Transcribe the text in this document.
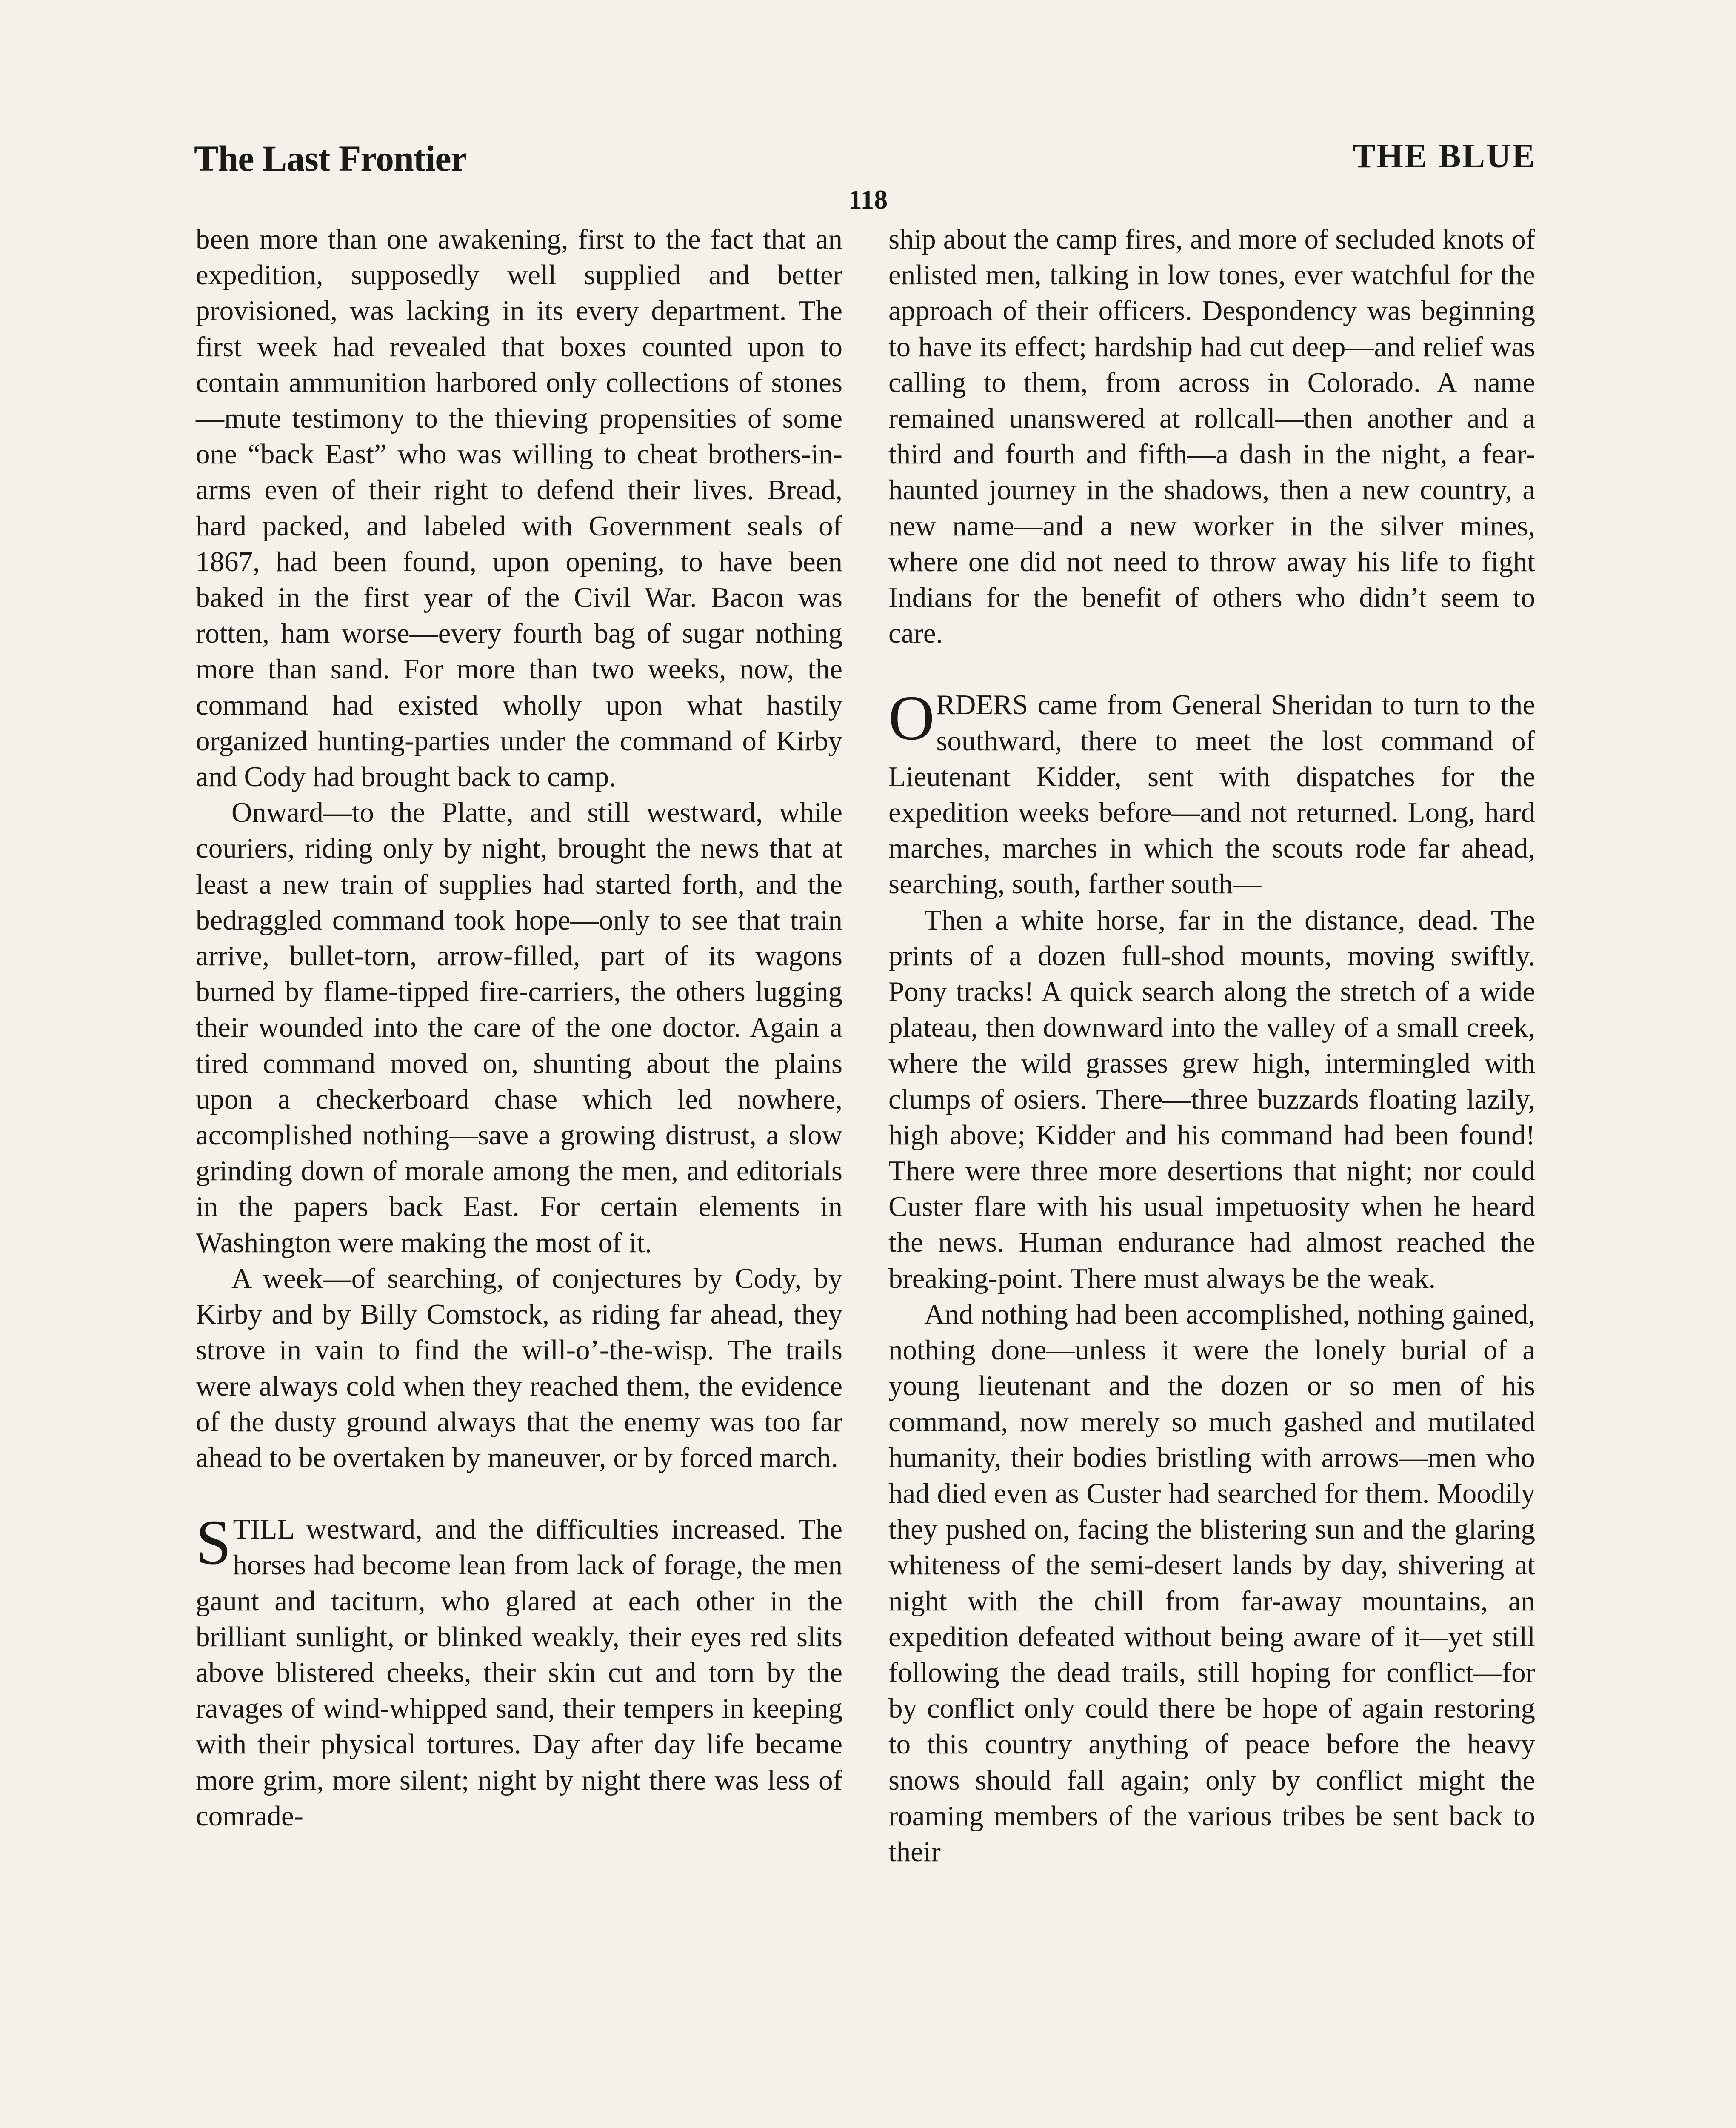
The Last Frontier	THE BLUE
118

been more than one awakening, first to the fact that an expedition, supposedly well supplied and better provisioned, was lacking in its every department. The first week had revealed that boxes counted upon to contain ammunition harbored only collections of stones—mute testimony to the thieving propensities of some one “back East” who was willing to cheat brothers-in-arms even of their right to defend their lives. Bread, hard packed, and labeled with Government seals of 1867, had been found, upon opening, to have been baked in the first year of the Civil War. Bacon was rotten, ham worse—every fourth bag of sugar nothing more than sand. For more than two weeks, now, the command had existed wholly upon what hastily organized hunting-parties under the command of Kirby and Cody had brought back to camp.

Onward—to the Platte, and still westward, while couriers, riding only by night, brought the news that at least a new train of supplies had started forth, and the bedraggled command took hope—only to see that train arrive, bullet-torn, arrow-filled, part of its wagons burned by flame-tipped fire-carriers, the others lugging their wounded into the care of the one doctor. Again a tired command moved on, shunting about the plains upon a checkerboard chase which led nowhere, accomplished nothing—save a growing distrust, a slow grinding down of morale among the men, and editorials in the papers back East. For certain elements in Washington were making the most of it.

A week—of searching, of conjectures by Cody, by Kirby and by Billy Comstock, as riding far ahead, they strove in vain to find the will-o’-the-wisp. The trails were always cold when they reached them, the evidence of the dusty ground always that the enemy was too far ahead to be overtaken by maneuver, or by forced march.

STILL westward, and the difficulties increased. The horses had become lean from lack of forage, the men gaunt and taciturn, who glared at each other in the brilliant sunlight, or blinked weakly, their eyes red slits above blistered cheeks, their skin cut and torn by the ravages of wind-whipped sand, their tempers in keeping with their physical tortures. Day after day life became more grim, more silent; night by night there was less of comrade-

ship about the camp fires, and more of secluded knots of enlisted men, talking in low tones, ever watchful for the approach of their officers. Despondency was beginning to have its effect; hardship had cut deep—and relief was calling to them, from across in Colorado. A name remained unanswered at rollcall—then another and a third and fourth and fifth—a dash in the night, a fear-haunted journey in the shadows, then a new country, a new name—and a new worker in the silver mines, where one did not need to throw away his life to fight Indians for the benefit of others who didn’t seem to care.

ORDERS came from General Sheridan to turn to the southward, there to meet the lost command of Lieutenant Kidder, sent with dispatches for the expedition weeks before—and not returned. Long, hard marches, marches in which the scouts rode far ahead, searching, south, farther south—

Then a white horse, far in the distance, dead. The prints of a dozen full-shod mounts, moving swiftly. Pony tracks! A quick search along the stretch of a wide plateau, then downward into the valley of a small creek, where the wild grasses grew high, intermingled with clumps of osiers. There—three buzzards floating lazily, high above; Kidder and his command had been found! There were three more desertions that night; nor could Custer flare with his usual impetuosity when he heard the news. Human endurance had almost reached the breaking-point. There must always be the weak.

And nothing had been accomplished, nothing gained, nothing done—unless it were the lonely burial of a young lieutenant and the dozen or so men of his command, now merely so much gashed and mutilated humanity, their bodies bristling with arrows—men who had died even as Custer had searched for them. Moodily they pushed on, facing the blistering sun and the glaring whiteness of the semi-desert lands by day, shivering at night with the chill from far-away mountains, an expedition defeated without being aware of it—yet still following the dead trails, still hoping for conflict—for by conflict only could there be hope of again restoring to this country anything of peace before the heavy snows should fall again; only by conflict might the roaming members of the various tribes be sent back to their
